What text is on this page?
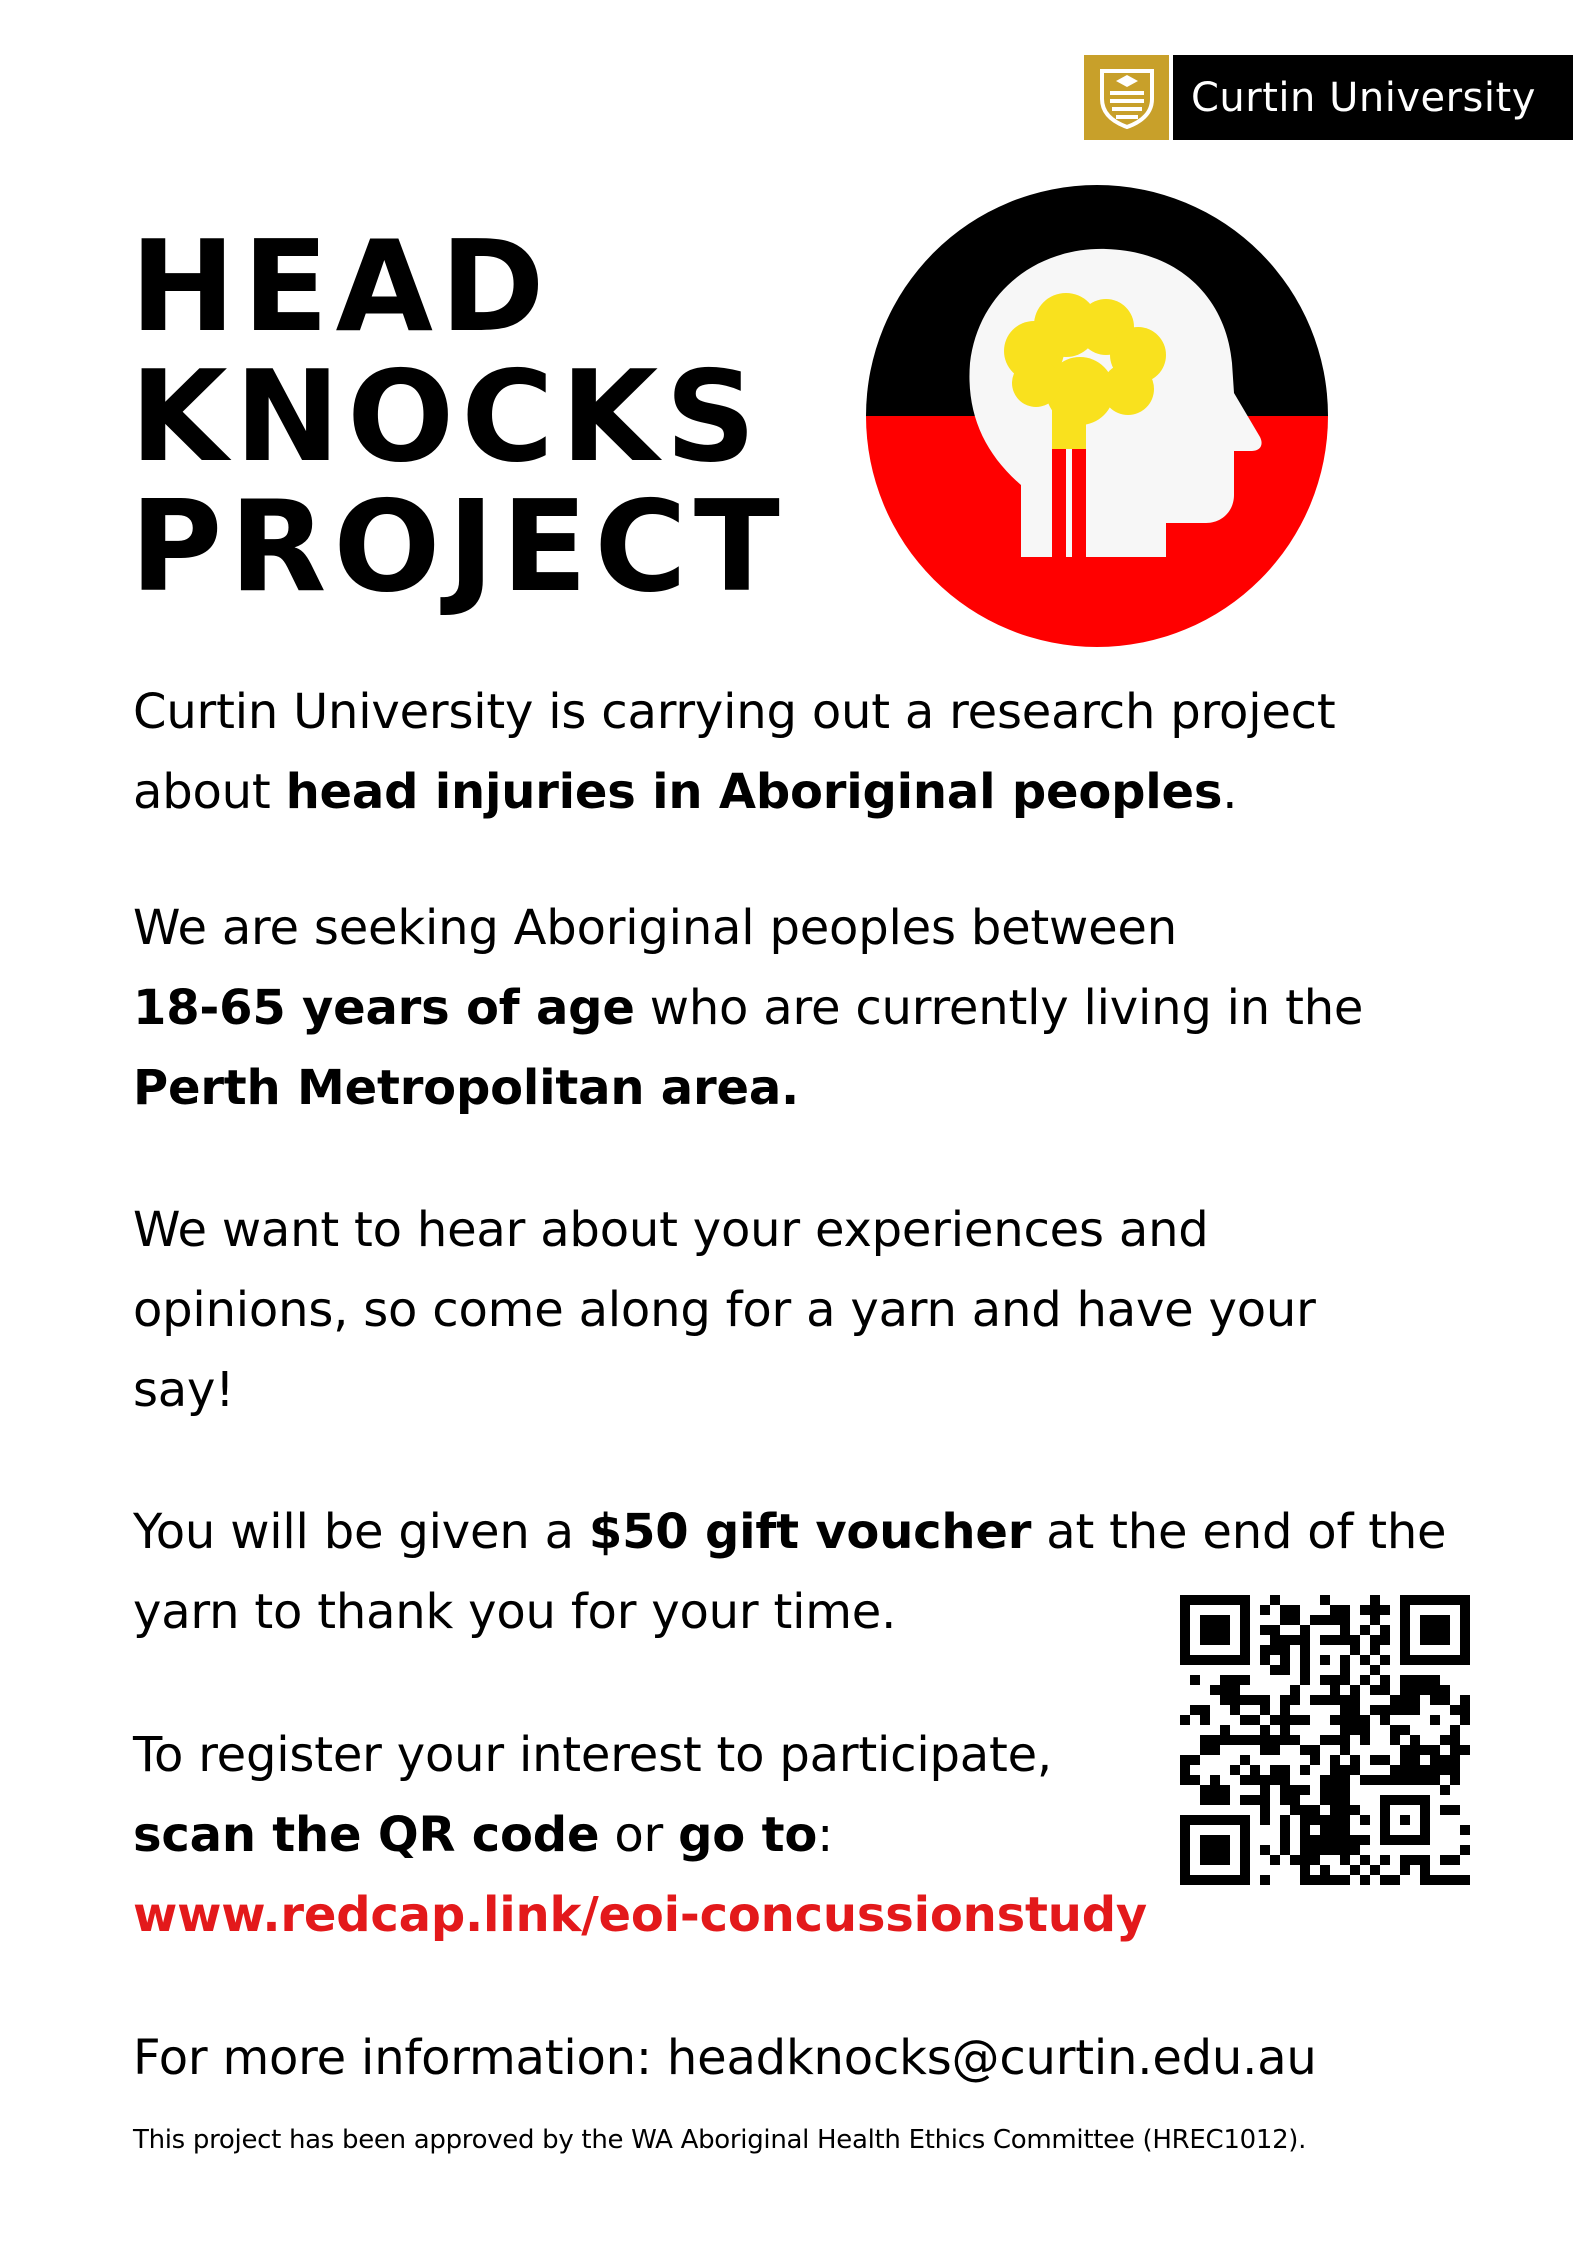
Curtin University
HEAD
KNOCKS
PROJECT
Curtin University is carrying out a research project
about head injuries in Aboriginal peoples.
We are seeking Aboriginal peoples between
18-65 years of age who are currently living in the
Perth Metropolitan area.
We want to hear about your experiences and
opinions, so come along for a yarn and have your
say!
You will be given a $50 gift voucher at the end of the
yarn to thank you for your time.
To register your interest to participate,
scan the QR code or go to:
www.redcap.link/eoi-concussionstudy
For more information: headknocks@curtin.edu.au
This project has been approved by the WA Aboriginal Health Ethics Committee (HREC1012).
